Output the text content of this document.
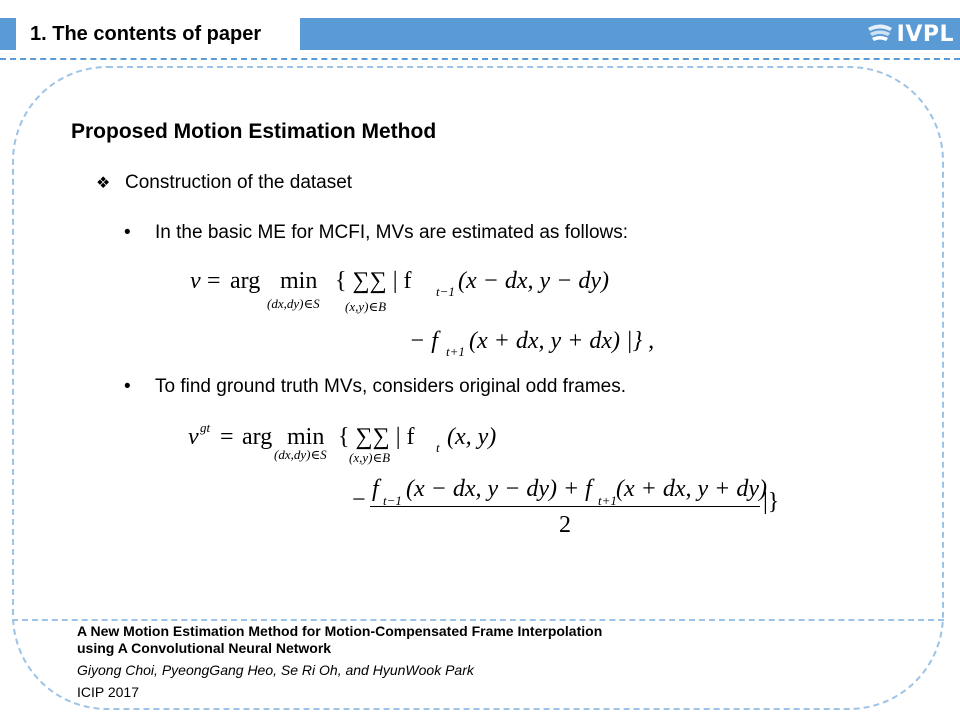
1. The contents of paper	IVPL
Proposed Motion Estimation Method
❖ Construction of the dataset
•	In the basic ME for MCFI, MVs are estimated as follows:
v = arg min
(dx,dy)∈S
{ ∑∑ | f
(x,y)∈B
t−1 (x − dx, y − dy)
− f t+1 (x + dx, y + dx) |} ,
•	To find ground truth MVs, considers original odd frames.
v gt = arg min
(dx,dy)∈S
{ ∑∑ | f
(x,y)∈B
t (x, y)
− f t−1 (x − dx, y − dy) + f t+1 (x + dx, y + dy)
2
|}
A New Motion Estimation Method for Motion-Compensated Frame Interpolation
using A Convolutional Neural Network
Giyong Choi, PyeongGang Heo, Se Ri Oh, and HyunWook Park
ICIP 2017
